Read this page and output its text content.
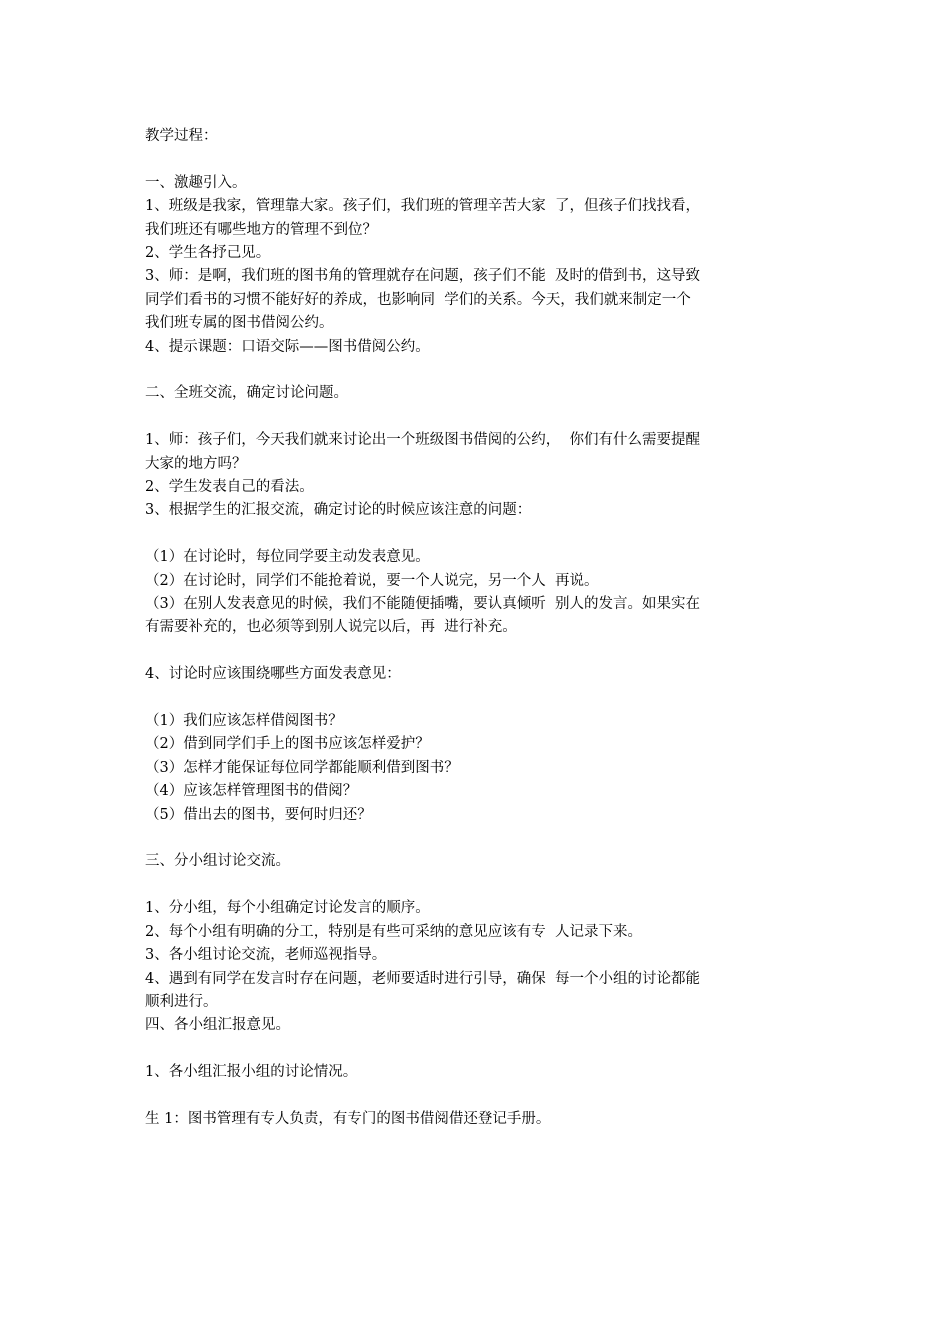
教学过程：

一、激趣引入。

1、班级是我家，管理靠大家。孩子们，我们班的管理辛苦大家  了，但孩子们找找看，

我们班还有哪些地方的管理不到位？

2、学生各抒己见。

3、师：是啊，我们班的图书角的管理就存在问题，孩子们不能  及时的借到书，这导致

同学们看书的习惯不能好好的养成，也影响同  学们的关系。今天，我们就来制定一个

我们班专属的图书借阅公约。

4、提示课题：口语交际——图书借阅公约。

二、全班交流，确定讨论问题。

1、师：孩子们，今天我们就来讨论出一个班级图书借阅的公约，  你们有什么需要提醒

大家的地方吗？

2、学生发表自己的看法。

3、根据学生的汇报交流，确定讨论的时候应该注意的问题：

（1）在讨论时，每位同学要主动发表意见。

（2）在讨论时，同学们不能抢着说，要一个人说完，另一个人  再说。

（3）在别人发表意见的时候，我们不能随便插嘴，要认真倾听  别人的发言。如果实在

有需要补充的，也必须等到别人说完以后，再  进行补充。

4、讨论时应该围绕哪些方面发表意见：

（1）我们应该怎样借阅图书？

（2）借到同学们手上的图书应该怎样爱护？

（3）怎样才能保证每位同学都能顺利借到图书？

（4）应该怎样管理图书的借阅？

（5）借出去的图书，要何时归还？

三、分小组讨论交流。

1、分小组，每个小组确定讨论发言的顺序。

2、每个小组有明确的分工，特别是有些可采纳的意见应该有专  人记录下来。

3、各小组讨论交流，老师巡视指导。

4、遇到有同学在发言时存在问题，老师要适时进行引导，确保  每一个小组的讨论都能

顺利进行。

四、各小组汇报意见。

1、各小组汇报小组的讨论情况。

生 1：图书管理有专人负责，有专门的图书借阅借还登记手册。
